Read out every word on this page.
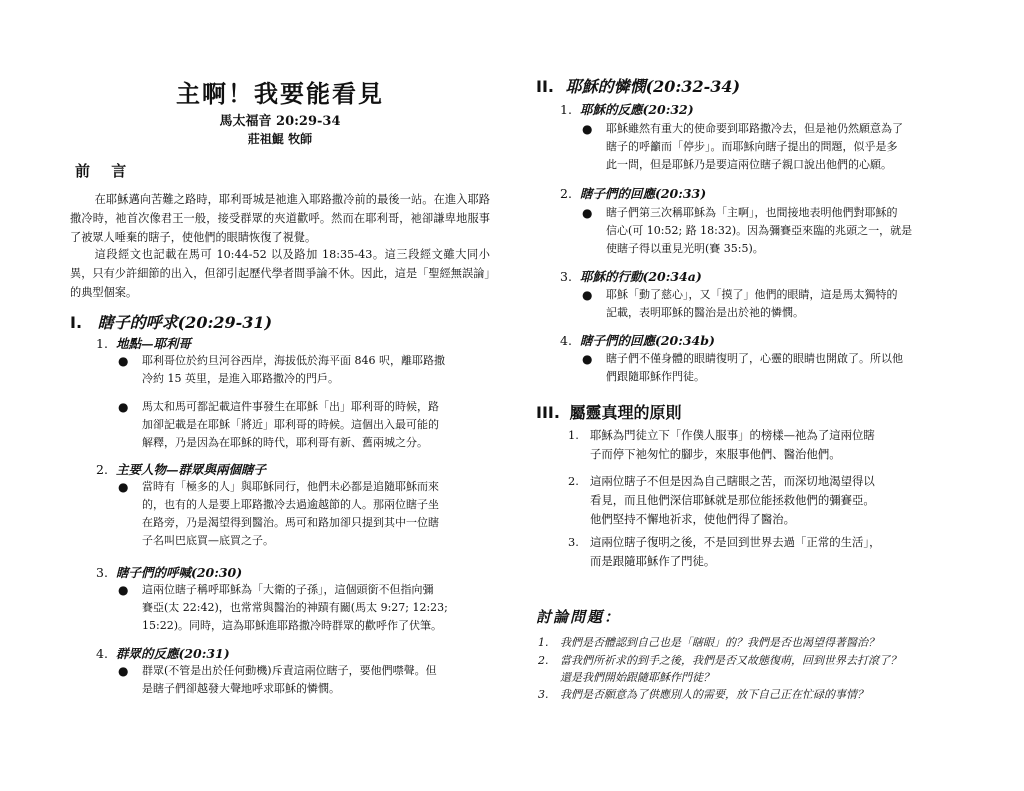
主啊！我要能看見
馬太福音 20:29-34
莊祖鯤 牧師
前 言
在耶穌邁向苦難之路時，耶利哥城是祂進入耶路撒冷前的最後一站。在進入耶路撒冷時，祂首次像君王一般，接受群眾的夾道歡呼。然而在耶利哥，祂卻謙卑地服事了被眾人唾棄的瞎子，使他們的眼睛恢復了視覺。
這段經文也記載在馬可 10:44-52 以及路加 18:35-43。這三段經文雖大同小異，只有少許細節的出入，但卻引起歷代學者間爭論不休。因此，這是「聖經無誤論」的典型個案。
I. 瞎子的呼求(20:29-31)
1. 地點—耶利哥
● 耶利哥位於約旦河谷西岸，海拔低於海平面 846 呎，離耶路撒
冷約 15 英里，是進入耶路撒冷的門戶。
● 馬太和馬可都記載這件事發生在耶穌「出」耶利哥的時候，路
加卻記載是在耶穌「將近」耶利哥的時候。這個出入最可能的
解釋，乃是因為在耶穌的時代，耶利哥有新、舊兩城之分。
2. 主要人物—群眾與兩個瞎子
● 當時有「極多的人」與耶穌同行，他們未必都是追隨耶穌而來
的，也有的人是要上耶路撒冷去過逾越節的人。那兩位瞎子坐
在路旁，乃是渴望得到醫治。馬可和路加卻只提到其中一位瞎
子名叫巴底買—底買之子。
3. 瞎子們的呼喊(20:30)
● 這兩位瞎子稱呼耶穌為「大衛的子孫」，這個頭銜不但指向彌
賽亞(太 22:42)，也常常與醫治的神蹟有關(馬太 9:27; 12:23;
15:22)。同時，這為耶穌進耶路撒冷時群眾的歡呼作了伏筆。
4. 群眾的反應(20:31)
● 群眾(不管是出於任何動機)斥責這兩位瞎子，要他們噤聲。但
是瞎子們卻越發大聲地呼求耶穌的憐憫。
II. 耶穌的憐憫(20:32-34)
1. 耶穌的反應(20:32)
● 耶穌雖然有重大的使命要到耶路撒冷去，但是祂仍然願意為了
瞎子的呼籲而「停步」。而耶穌向瞎子提出的問題，似乎是多
此一問，但是耶穌乃是要這兩位瞎子親口說出他們的心願。
2. 瞎子們的回應(20:33)
● 瞎子們第三次稱耶穌為「主啊」，也間接地表明他們對耶穌的
信心(可 10:52; 路 18:32)。因為彌賽亞來臨的兆頭之一，就是
使瞎子得以重見光明(賽 35:5)。
3. 耶穌的行動(20:34a)
● 耶穌「動了慈心」，又「摸了」他們的眼睛，這是馬太獨特的
記載，表明耶穌的醫治是出於祂的憐憫。
4. 瞎子們的回應(20:34b)
● 瞎子們不僅身體的眼睛復明了，心靈的眼睛也開啟了。所以他
們跟隨耶穌作門徒。
III. 屬靈真理的原則
1. 耶穌為門徒立下「作僕人服事」的榜樣—祂為了這兩位瞎
子而停下祂匆忙的腳步，來服事他們、醫治他們。
2. 這兩位瞎子不但是因為自己瞎眼之苦，而深切地渴望得以
看見，而且他們深信耶穌就是那位能拯救他們的彌賽亞。
他們堅持不懈地祈求，使他們得了醫治。
3. 這兩位瞎子復明之後，不是回到世界去過「正常的生活」，
而是跟隨耶穌作了門徒。
討論問題：
1. 我們是否體認到自己也是「瞎眼」的？我們是否也渴望得著醫治？
2. 當我們所祈求的到手之後，我們是否又故態復萌，回到世界去打滾了？
還是我們開始跟隨耶穌作門徒？
3. 我們是否願意為了供應別人的需要，放下自己正在忙碌的事情？
